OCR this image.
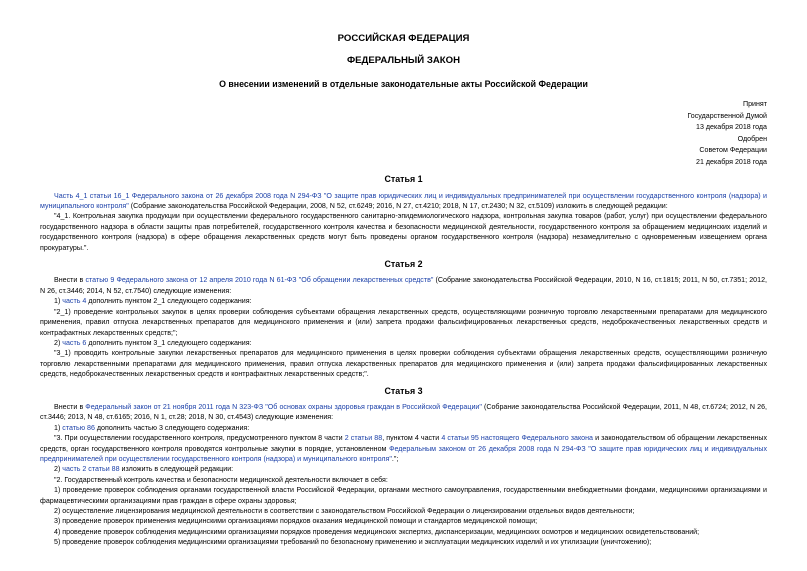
РОССИЙСКАЯ ФЕДЕРАЦИЯ
ФЕДЕРАЛЬНЫЙ ЗАКОН
О внесении изменений в отдельные законодательные акты Российской Федерации
Принят
Государственной Думой
13 декабря 2018 года
Одобрен
Советом Федерации
21 декабря 2018 года
Статья 1

Часть 4_1 статьи 16_1 Федерального закона от 26 декабря 2008 года N 294-ФЗ "О защите прав юридических лиц и индивидуальных предпринимателей при осуществлении государственного контроля (надзора) и муниципального контроля" (Собрание законодательства Российской Федерации, 2008, N 52, ст.6249; 2016, N 27, ст.4210; 2018, N 17, ст.2430; N 32, ст.5109) изложить в следующей редакции:

"4_1. Контрольная закупка продукции при осуществлении федерального государственного санитарно-эпидемиологического надзора, контрольная закупка товаров (работ, услуг) при осуществлении федерального государственного надзора в области защиты прав потребителей, государственного контроля качества и безопасности медицинской деятельности, государственного контроля за обращением медицинских изделий и государственного контроля (надзора) в сфере обращения лекарственных средств могут быть проведены органом государственного контроля (надзора) незамедлительно с одновременным извещением органа прокуратуры.".

Статья 2

Внести в статью 9 Федерального закона от 12 апреля 2010 года N 61-ФЗ "Об обращении лекарственных средств" (Собрание законодательства Российской Федерации, 2010, N 16, ст.1815; 2011, N 50, ст.7351; 2012, N 26, ст.3446; 2014, N 52, ст.7540) следующие изменения:

1) часть 4 дополнить пунктом 2_1 следующего содержания:

"2_1) проведение контрольных закупок в целях проверки соблюдения субъектами обращения лекарственных средств, осуществляющими розничную торговлю лекарственными препаратами для медицинского применения, правил отпуска лекарственных препаратов для медицинского применения и (или) запрета продажи фальсифицированных лекарственных средств, недоброкачественных лекарственных средств и контрафактных лекарственных средств;";

2) часть 6 дополнить пунктом 3_1 следующего содержания:

"3_1) проводить контрольные закупки лекарственных препаратов для медицинского применения в целях проверки соблюдения субъектами обращения лекарственных средств, осуществляющими розничную торговлю лекарственными препаратами для медицинского применения, правил отпуска лекарственных препаратов для медицинского применения и (или) запрета продажи фальсифицированных лекарственных средств, недоброкачественных лекарственных средств и контрафактных лекарственных средств;".

Статья 3

Внести в Федеральный закон от 21 ноября 2011 года N 323-ФЗ "Об основах охраны здоровья граждан в Российской Федерации" (Собрание законодательства Российской Федерации, 2011, N 48, ст.6724; 2012, N 26, ст.3446; 2013, N 48, ст.6165; 2016, N 1, ст.28; 2018, N 30, ст.4543) следующие изменения:

1) статью 86 дополнить частью 3 следующего содержания:

"3. При осуществлении государственного контроля, предусмотренного пунктом 8 части 2 статьи 88, пунктом 4 части 4 статьи 95 настоящего Федерального закона и законодательством об обращении лекарственных средств, орган государственного контроля проводятся контрольные закупки в порядке, установленном Федеральным законом от 26 декабря 2008 года N 294-ФЗ "О защите прав юридических лиц и индивидуальных предпринимателей при осуществлении государственного контроля (надзора) и муниципального контроля".";

2) часть 2 статьи 88 изложить в следующей редакции:

"2. Государственный контроль качества и безопасности медицинской деятельности включает в себя:

1) проведение проверок соблюдения органами государственной власти Российской Федерации, органами местного самоуправления, государственными внебюджетными фондами, медицинскими организациями и фармацевтическими организациями прав граждан в сфере охраны здоровья;

2) осуществление лицензирования медицинской деятельности в соответствии с законодательством Российской Федерации о лицензировании отдельных видов деятельности;

3) проведение проверок применения медицинскими организациями порядков оказания медицинской помощи и стандартов медицинской помощи;

4) проведение проверок соблюдения медицинскими организациями порядков проведения медицинских экспертиз, диспансеризации, медицинских осмотров и медицинских освидетельствований;

5) проведение проверок соблюдения медицинскими организациями требований по безопасному применению и эксплуатации медицинских изделий и их утилизации (уничтожению);
